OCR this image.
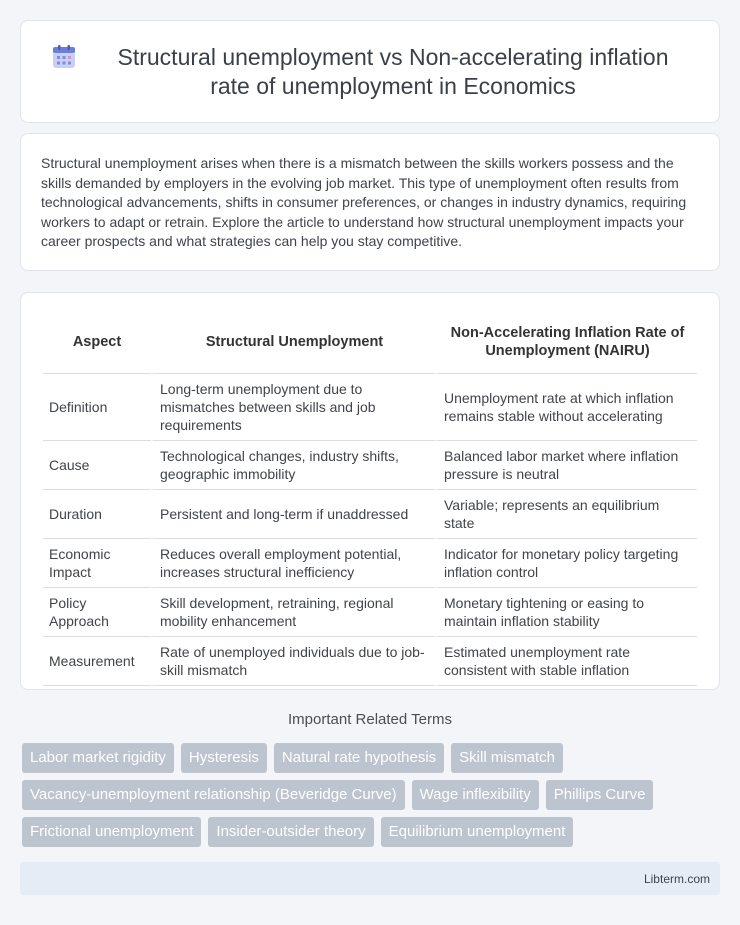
Structural unemployment vs Non-accelerating inflation rate of unemployment in Economics

Structural unemployment arises when there is a mismatch between the skills workers possess and the skills demanded by employers in the evolving job market. This type of unemployment often results from technological advancements, shifts in consumer preferences, or changes in industry dynamics, requiring workers to adapt or retrain. Explore the article to understand how structural unemployment impacts your career prospects and what strategies can help you stay competitive.

Aspect	Structural Unemployment	Non-Accelerating Inflation Rate of Unemployment (NAIRU)
Definition	Long-term unemployment due to mismatches between skills and job requirements	Unemployment rate at which inflation remains stable without accelerating
Cause	Technological changes, industry shifts, geographic immobility	Balanced labor market where inflation pressure is neutral
Duration	Persistent and long-term if unaddressed	Variable; represents an equilibrium state
Economic Impact	Reduces overall employment potential, increases structural inefficiency	Indicator for monetary policy targeting inflation control
Policy Approach	Skill development, retraining, regional mobility enhancement	Monetary tightening or easing to maintain inflation stability
Measurement	Rate of unemployed individuals due to job-skill mismatch	Estimated unemployment rate consistent with stable inflation
Important Related Terms
Labor market rigidity	Hysteresis	Natural rate hypothesis	Skill mismatch
Vacancy-unemployment relationship (Beveridge Curve)	Wage inflexibility	Phillips Curve
Frictional unemployment	Insider-outsider theory	Equilibrium unemployment
Libterm.com
